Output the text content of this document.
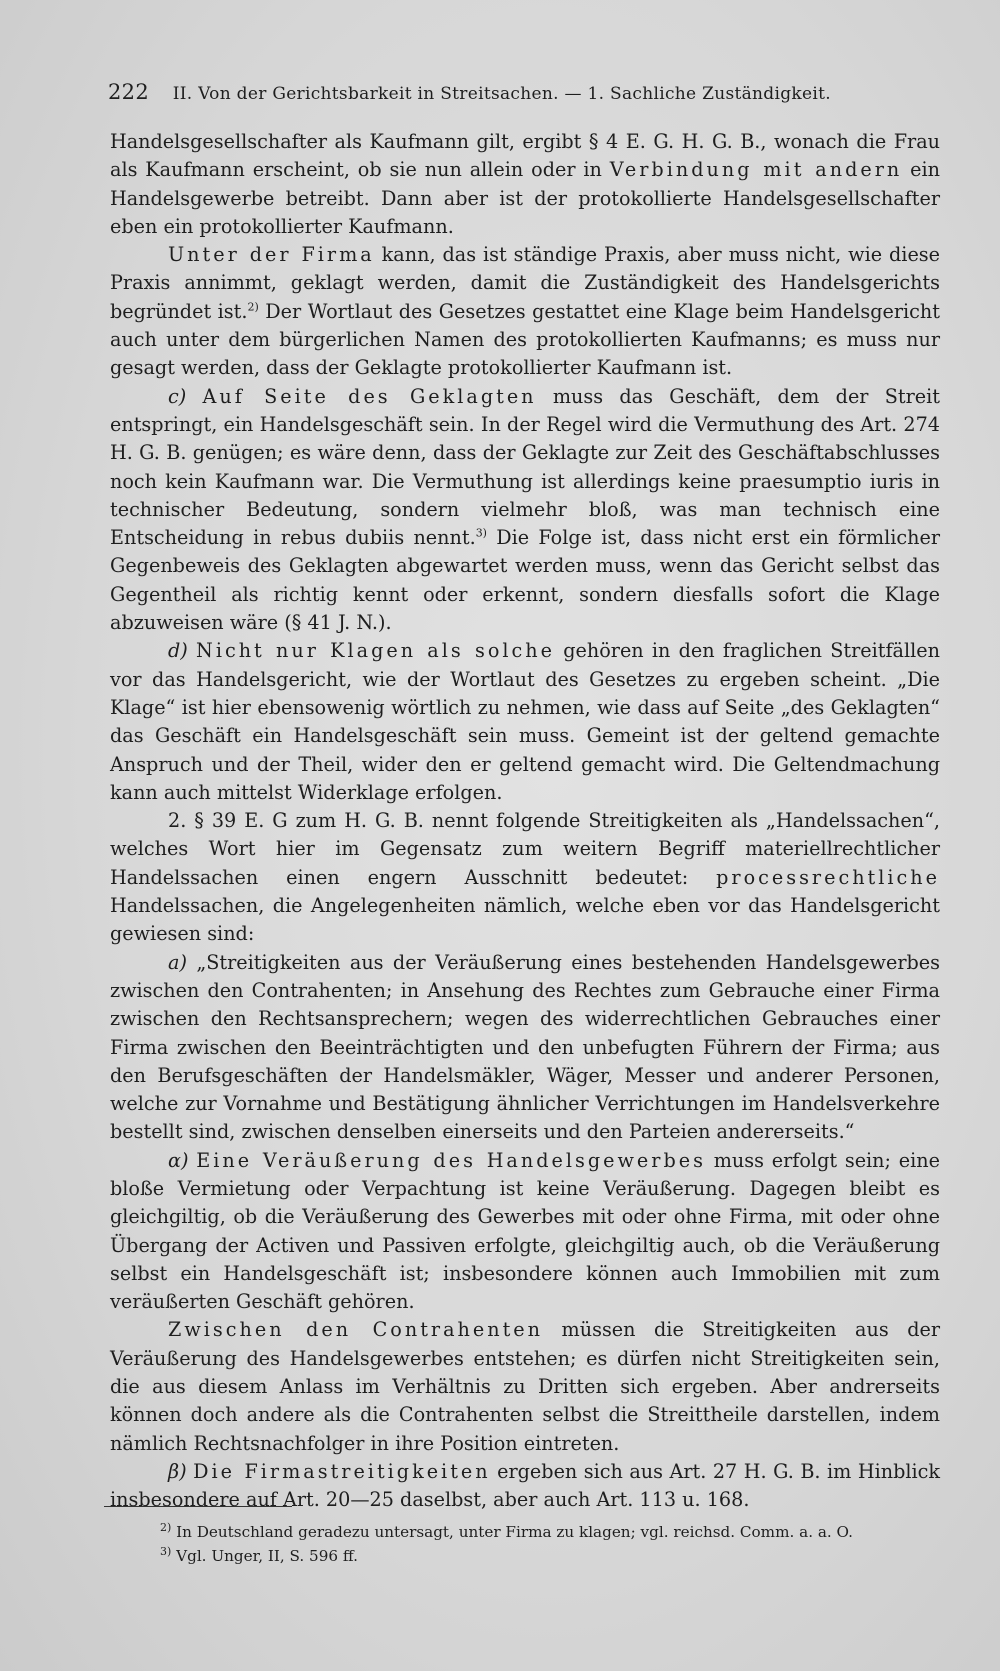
222 II. Von der Gerichtsbarkeit in Streitsachen. — 1. Sachliche Zuständigkeit.

Handelsgesellschafter als Kaufmann gilt, ergibt § 4 E. G. H. G. B., wonach die Frau als Kaufmann erscheint, ob sie nun allein oder in Verbindung mit andern ein Handelsgewerbe betreibt. Dann aber ist der protokollierte Handelsgesellschafter eben ein protokollierter Kaufmann.

Unter der Firma kann, das ist ständige Praxis, aber muss nicht, wie diese Praxis annimmt, geklagt werden, damit die Zuständigkeit des Handelsgerichts begründet ist.$^{2)}$ Der Wortlaut des Gesetzes gestattet eine Klage beim Handelsgericht auch unter dem bürgerlichen Namen des protokollierten Kaufmanns; es muss nur gesagt werden, dass der Geklagte protokollierter Kaufmann ist.

c) Auf Seite des Geklagten muss das Geschäft, dem der Streit entspringt, ein Handelsgeschäft sein. In der Regel wird die Vermuthung des Art. 274 H. G. B. genügen; es wäre denn, dass der Geklagte zur Zeit des Geschäftabschlusses noch kein Kaufmann war. Die Vermuthung ist allerdings keine praesumptio iuris in technischer Bedeutung, sondern vielmehr bloß, was man technisch eine Entscheidung in rebus dubiis nennt.$^{3)}$ Die Folge ist, dass nicht erst ein förmlicher Gegenbeweis des Geklagten abgewartet werden muss, wenn das Gericht selbst das Gegentheil als richtig kennt oder erkennt, sondern diesfalls sofort die Klage abzuweisen wäre (§ 41 J. N.).

d) Nicht nur Klagen als solche gehören in den fraglichen Streitfällen vor das Handelsgericht, wie der Wortlaut des Gesetzes zu ergeben scheint. „Die Klage“ ist hier ebensowenig wörtlich zu nehmen, wie dass auf Seite „des Geklagten“ das Geschäft ein Handelsgeschäft sein muss. Gemeint ist der geltend gemachte Anspruch und der Theil, wider den er geltend gemacht wird. Die Geltendmachung kann auch mittelst Widerklage erfolgen.

2. § 39 E. G zum H. G. B. nennt folgende Streitigkeiten als „Handelssachen“, welches Wort hier im Gegensatz zum weitern Begriff materiellrechtlicher Handelssachen einen engern Ausschnitt bedeutet: processrechtliche Handelssachen, die Angelegenheiten nämlich, welche eben vor das Handelsgericht gewiesen sind:

a) „Streitigkeiten aus der Veräußerung eines bestehenden Handelsgewerbes zwischen den Contrahenten; in Ansehung des Rechtes zum Gebrauche einer Firma zwischen den Rechtsansprechern; wegen des widerrechtlichen Gebrauches einer Firma zwischen den Beeinträchtigten und den unbefugten Führern der Firma; aus den Berufsgeschäften der Handelsmäkler, Wäger, Messer und anderer Personen, welche zur Vornahme und Bestätigung ähnlicher Verrichtungen im Handelsverkehre bestellt sind, zwischen denselben einerseits und den Parteien andererseits.“

α) Eine Veräußerung des Handelsgewerbes muss erfolgt sein; eine bloße Vermietung oder Verpachtung ist keine Veräußerung. Dagegen bleibt es gleichgiltig, ob die Veräußerung des Gewerbes mit oder ohne Firma, mit oder ohne Übergang der Activen und Passiven erfolgte, gleichgiltig auch, ob die Veräußerung selbst ein Handelsgeschäft ist; insbesondere können auch Immobilien mit zum veräußerten Geschäft gehören.

Zwischen den Contrahenten müssen die Streitigkeiten aus der Veräußerung des Handelsgewerbes entstehen; es dürfen nicht Streitigkeiten sein, die aus diesem Anlass im Verhältnis zu Dritten sich ergeben. Aber andrerseits können doch andere als die Contrahenten selbst die Streittheile darstellen, indem nämlich Rechtsnachfolger in ihre Position eintreten.

β) Die Firmastreitigkeiten ergeben sich aus Art. 27 H. G. B. im Hinblick insbesondere auf Art. 20—25 daselbst, aber auch Art. 113 u. 168.

$^{2)}$ In Deutschland geradezu untersagt, unter Firma zu klagen; vgl. reichsd. Comm. a. a. O.
$^{3)}$ Vgl. Unger, II, S. 596 ff.
